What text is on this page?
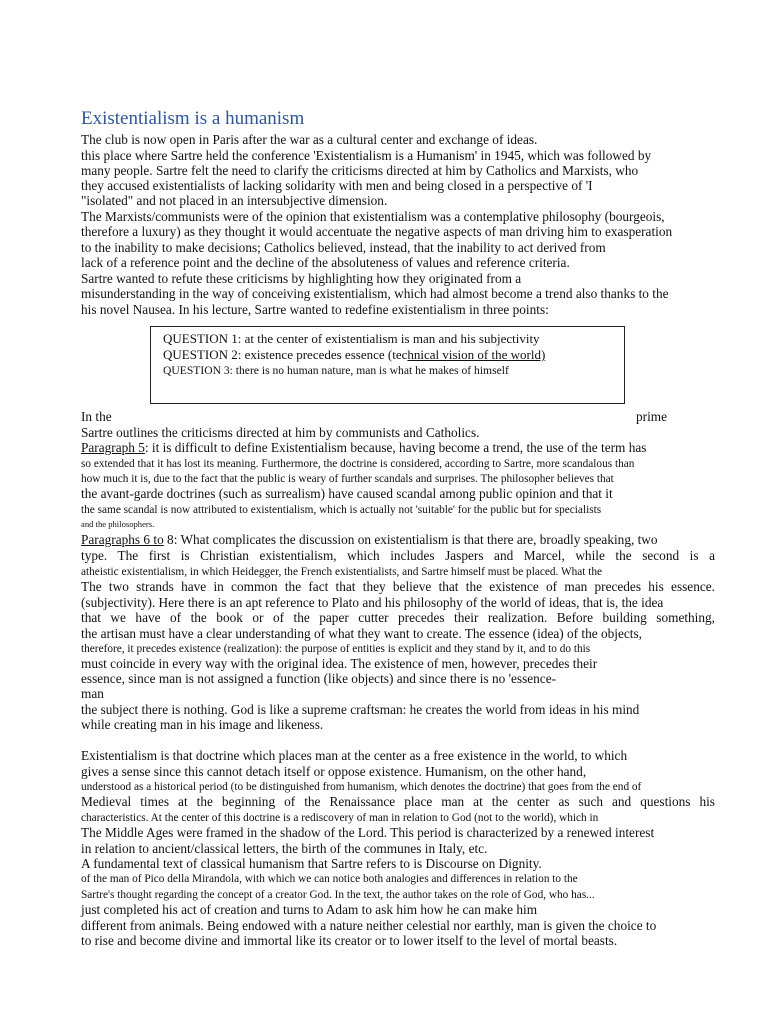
Existentialism is a humanism
The club is now open in Paris after the war as a cultural center and exchange of ideas.
this place where Sartre held the conference 'Existentialism is a Humanism' in 1945, which was followed by
many people. Sartre felt the need to clarify the criticisms directed at him by Catholics and Marxists, who
they accused existentialists of lacking solidarity with men and being closed in a perspective of 'I
"isolated" and not placed in an intersubjective dimension.
The Marxists/communists were of the opinion that existentialism was a contemplative philosophy (bourgeois,
therefore a luxury) as they thought it would accentuate the negative aspects of man driving him to exasperation
to the inability to make decisions; Catholics believed, instead, that the inability to act derived from
lack of a reference point and the decline of the absoluteness of values and reference criteria.
Sartre wanted to refute these criticisms by highlighting how they originated from a
misunderstanding in the way of conceiving existentialism, which had almost become a trend also thanks to the
his novel Nausea. In his lecture, Sartre wanted to redefine existentialism in three points:
QUESTION 1: at the center of existentialism is man and his subjectivity
QUESTION 2: existence precedes essence (technical vision of the world)
QUESTION 3: there is no human nature, man is what he makes of himself
In the	prime
Sartre outlines the criticisms directed at him by communists and Catholics.
Paragraph 5: it is difficult to define Existentialism because, having become a trend, the use of the term has
so extended that it has lost its meaning. Furthermore, the doctrine is considered, according to Sartre, more scandalous than
how much it is, due to the fact that the public is weary of further scandals and surprises. The philosopher believes that
the avant-garde doctrines (such as surrealism) have caused scandal among public opinion and that it
the same scandal is now attributed to existentialism, which is actually not 'suitable' for the public but for specialists
and the philosophers.
Paragraphs 6 to 8: What complicates the discussion on existentialism is that there are, broadly speaking, two
type. The first is Christian existentialism, which includes Jaspers and Marcel, while the second is a
atheistic existentialism, in which Heidegger, the French existentialists, and Sartre himself must be placed. What the
The two strands have in common the fact that they believe that the existence of man precedes his essence.
(subjectivity). Here there is an apt reference to Plato and his philosophy of the world of ideas, that is, the idea
that we have of the book or of the paper cutter precedes their realization. Before building something,
the artisan must have a clear understanding of what they want to create. The essence (idea) of the objects,
therefore, it precedes existence (realization): the purpose of entities is explicit and they stand by it, and to do this
must coincide in every way with the original idea. The existence of men, however, precedes their
essence, since man is not assigned a function (like objects) and since there is no 'essence-
man
the subject there is nothing. God is like a supreme craftsman: he creates the world from ideas in his mind
while creating man in his image and likeness.
Existentialism is that doctrine which places man at the center as a free existence in the world, to which
gives a sense since this cannot detach itself or oppose existence. Humanism, on the other hand,
understood as a historical period (to be distinguished from humanism, which denotes the doctrine) that goes from the end of
Medieval times at the beginning of the Renaissance place man at the center as such and questions his
characteristics. At the center of this doctrine is a rediscovery of man in relation to God (not to the world), which in
The Middle Ages were framed in the shadow of the Lord. This period is characterized by a renewed interest
in relation to ancient/classical letters, the birth of the communes in Italy, etc.
A fundamental text of classical humanism that Sartre refers to is Discourse on Dignity.
of the man of Pico della Mirandola, with which we can notice both analogies and differences in relation to the
Sartre's thought regarding the concept of a creator God. In the text, the author takes on the role of God, who has...
just completed his act of creation and turns to Adam to ask him how he can make him
different from animals. Being endowed with a nature neither celestial nor earthly, man is given the choice to
to rise and become divine and immortal like its creator or to lower itself to the level of mortal beasts.
